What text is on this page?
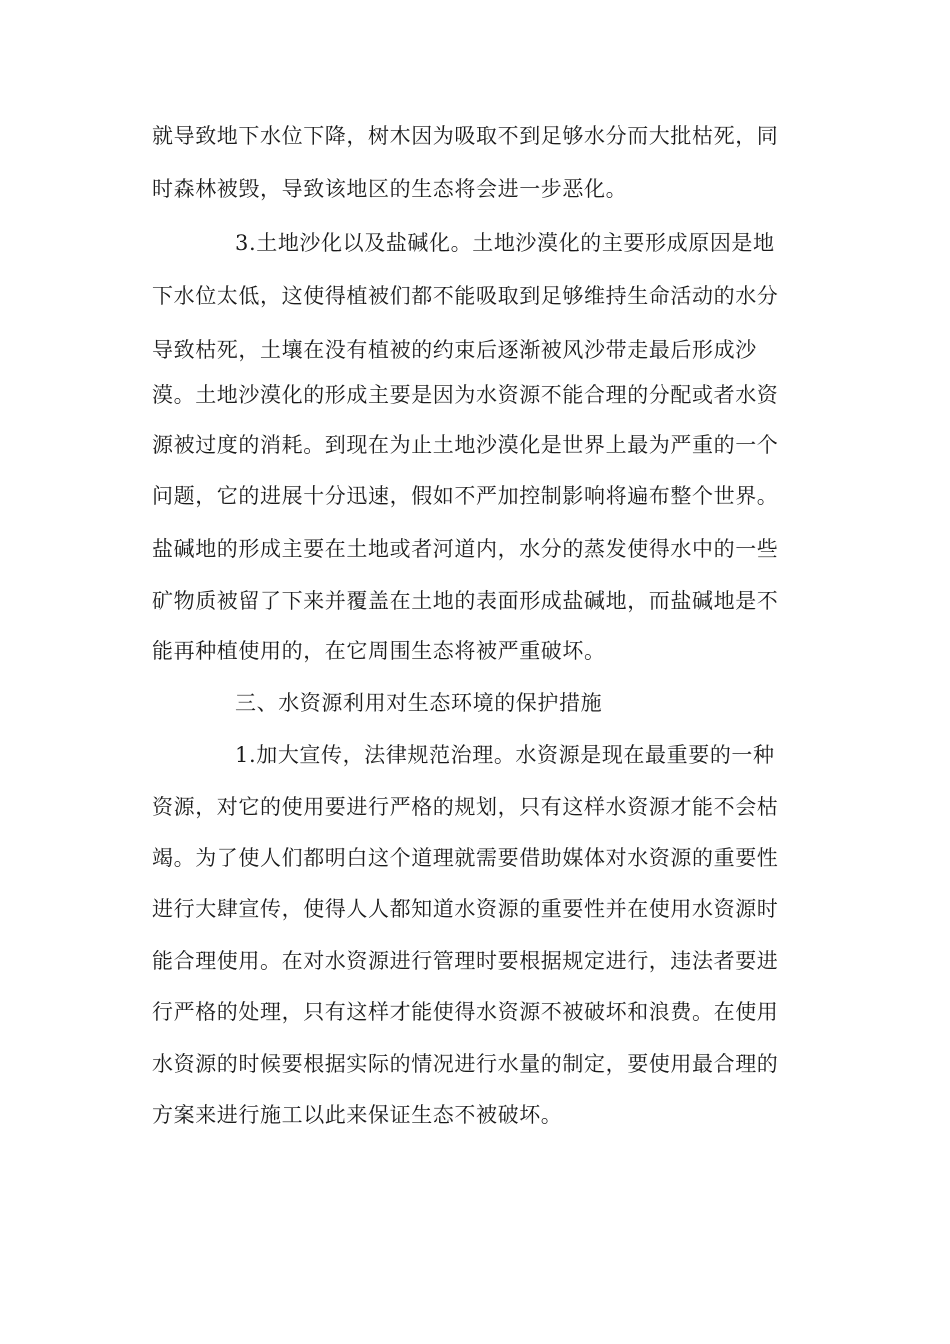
就导致地下水位下降，树木因为吸取不到足够水分而大批枯死，同
时森林被毁，导致该地区的生态将会进一步恶化。
3.土地沙化以及盐碱化。土地沙漠化的主要形成原因是地
下水位太低，这使得植被们都不能吸取到足够维持生命活动的水分
导致枯死，土壤在没有植被的约束后逐渐被风沙带走最后形成沙
漠。土地沙漠化的形成主要是因为水资源不能合理的分配或者水资
源被过度的消耗。到现在为止土地沙漠化是世界上最为严重的一个
问题，它的进展十分迅速，假如不严加控制影响将遍布整个世界。
盐碱地的形成主要在土地或者河道内，水分的蒸发使得水中的一些
矿物质被留了下来并覆盖在土地的表面形成盐碱地，而盐碱地是不
能再种植使用的，在它周围生态将被严重破坏。
三、水资源利用对生态环境的保护措施
1.加大宣传，法律规范治理。水资源是现在最重要的一种
资源，对它的使用要进行严格的规划，只有这样水资源才能不会枯
竭。为了使人们都明白这个道理就需要借助媒体对水资源的重要性
进行大肆宣传，使得人人都知道水资源的重要性并在使用水资源时
能合理使用。在对水资源进行管理时要根据规定进行，违法者要进
行严格的处理，只有这样才能使得水资源不被破坏和浪费。在使用
水资源的时候要根据实际的情况进行水量的制定，要使用最合理的
方案来进行施工以此来保证生态不被破坏。
